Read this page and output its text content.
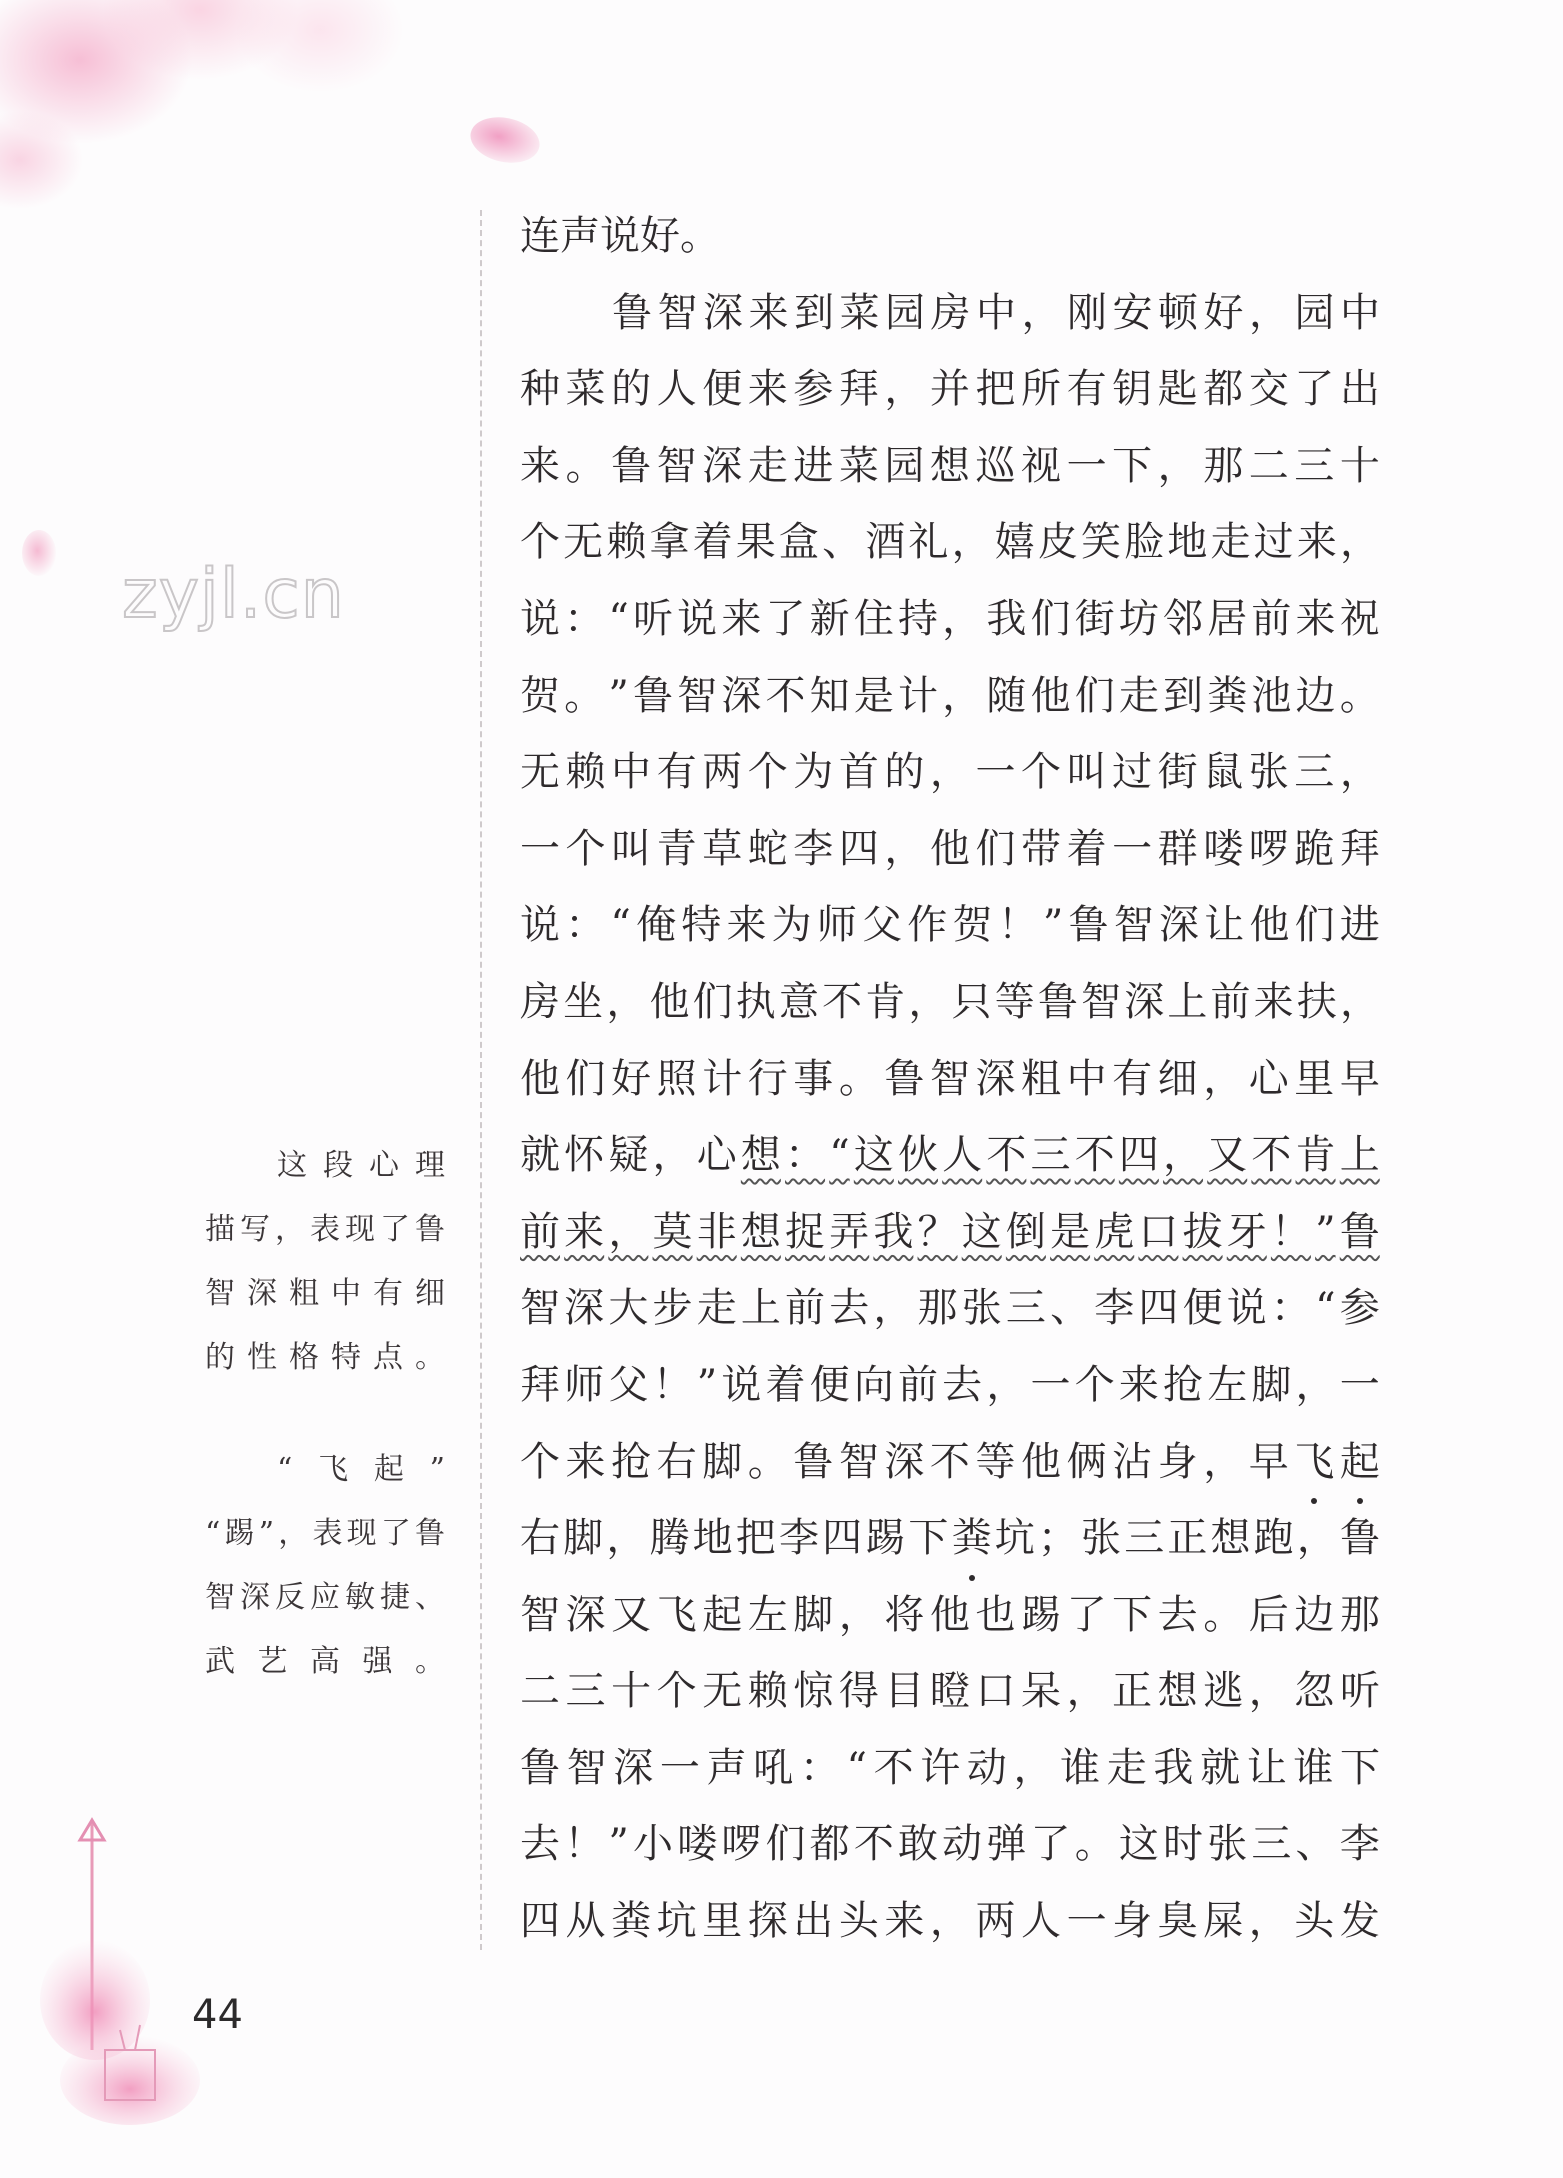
zyjl.cn
连 声 说 好 。
鲁 智 深 来 到 菜 园 房 中 ， 刚 安 顿 好 ， 园 中
种 菜 的 人 便 来 参 拜 ， 并 把 所 有 钥 匙 都 交 了 出
来 。 鲁 智 深 走 进 菜 园 想 巡 视 一 下 ， 那 二 三 十
个 无 赖 拿 着 果 盒 、 酒 礼 ， 嬉 皮 笑 脸 地 走 过 来 ，
说 ： “ 听 说 来 了 新 住 持 ， 我 们 街 坊 邻 居 前 来 祝
贺 。 ” 鲁 智 深 不 知 是 计 ， 随 他 们 走 到 粪 池 边 。
无 赖 中 有 两 个 为 首 的 ， 一 个 叫 过 街 鼠 张 三 ，
一 个 叫 青 草 蛇 李 四 ， 他 们 带 着 一 群 喽 啰 跪 拜
说 ： “ 俺 特 来 为 师 父 作 贺 ！ ” 鲁 智 深 让 他 们 进
房 坐 ， 他 们 执 意 不 肯 ， 只 等 鲁 智 深 上 前 来 扶 ，
他 们 好 照 计 行 事 。 鲁 智 深 粗 中 有 细 ， 心 里 早
就 怀 疑 ， 心 想 ： “ 这 伙 人 不 三 不 四 ， 又 不 肯 上
前 来 ， 莫 非 想 捉 弄 我 ？ 这 倒 是 虎 口 拔 牙 ！ ” 鲁
智 深 大 步 走 上 前 去 ， 那 张 三 、 李 四 便 说 ： “ 参
拜 师 父 ！ ” 说 着 便 向 前 去 ， 一 个 来 抢 左 脚 ， 一
个 来 抢 右 脚 。 鲁 智 深 不 等 他 俩 沾 身 ， 早 飞 起
右 脚 ， 腾 地 把 李 四 踢 下 粪 坑 ； 张 三 正 想 跑 ， 鲁
智 深 又 飞 起 左 脚 ， 将 他 也 踢 了 下 去 。 后 边 那
二 三 十 个 无 赖 惊 得 目 瞪 口 呆 ， 正 想 逃 ， 忽 听
鲁 智 深 一 声 吼 ： “ 不 许 动 ， 谁 走 我 就 让 谁 下
去 ！ ” 小 喽 啰 们 都 不 敢 动 弹 了 。 这 时 张 三 、 李
四 从 粪 坑 里 探 出 头 来 ， 两 人 一 身 臭 屎 ， 头 发
这 段 心 理
描 写 ， 表 现 了 鲁
智 深 粗 中 有 细
的 性 格 特 点 。
“ 飞 起 ”
“ 踢 ” ， 表 现 了 鲁
智 深 反 应 敏 捷 、
武 艺 高 强 。
44
